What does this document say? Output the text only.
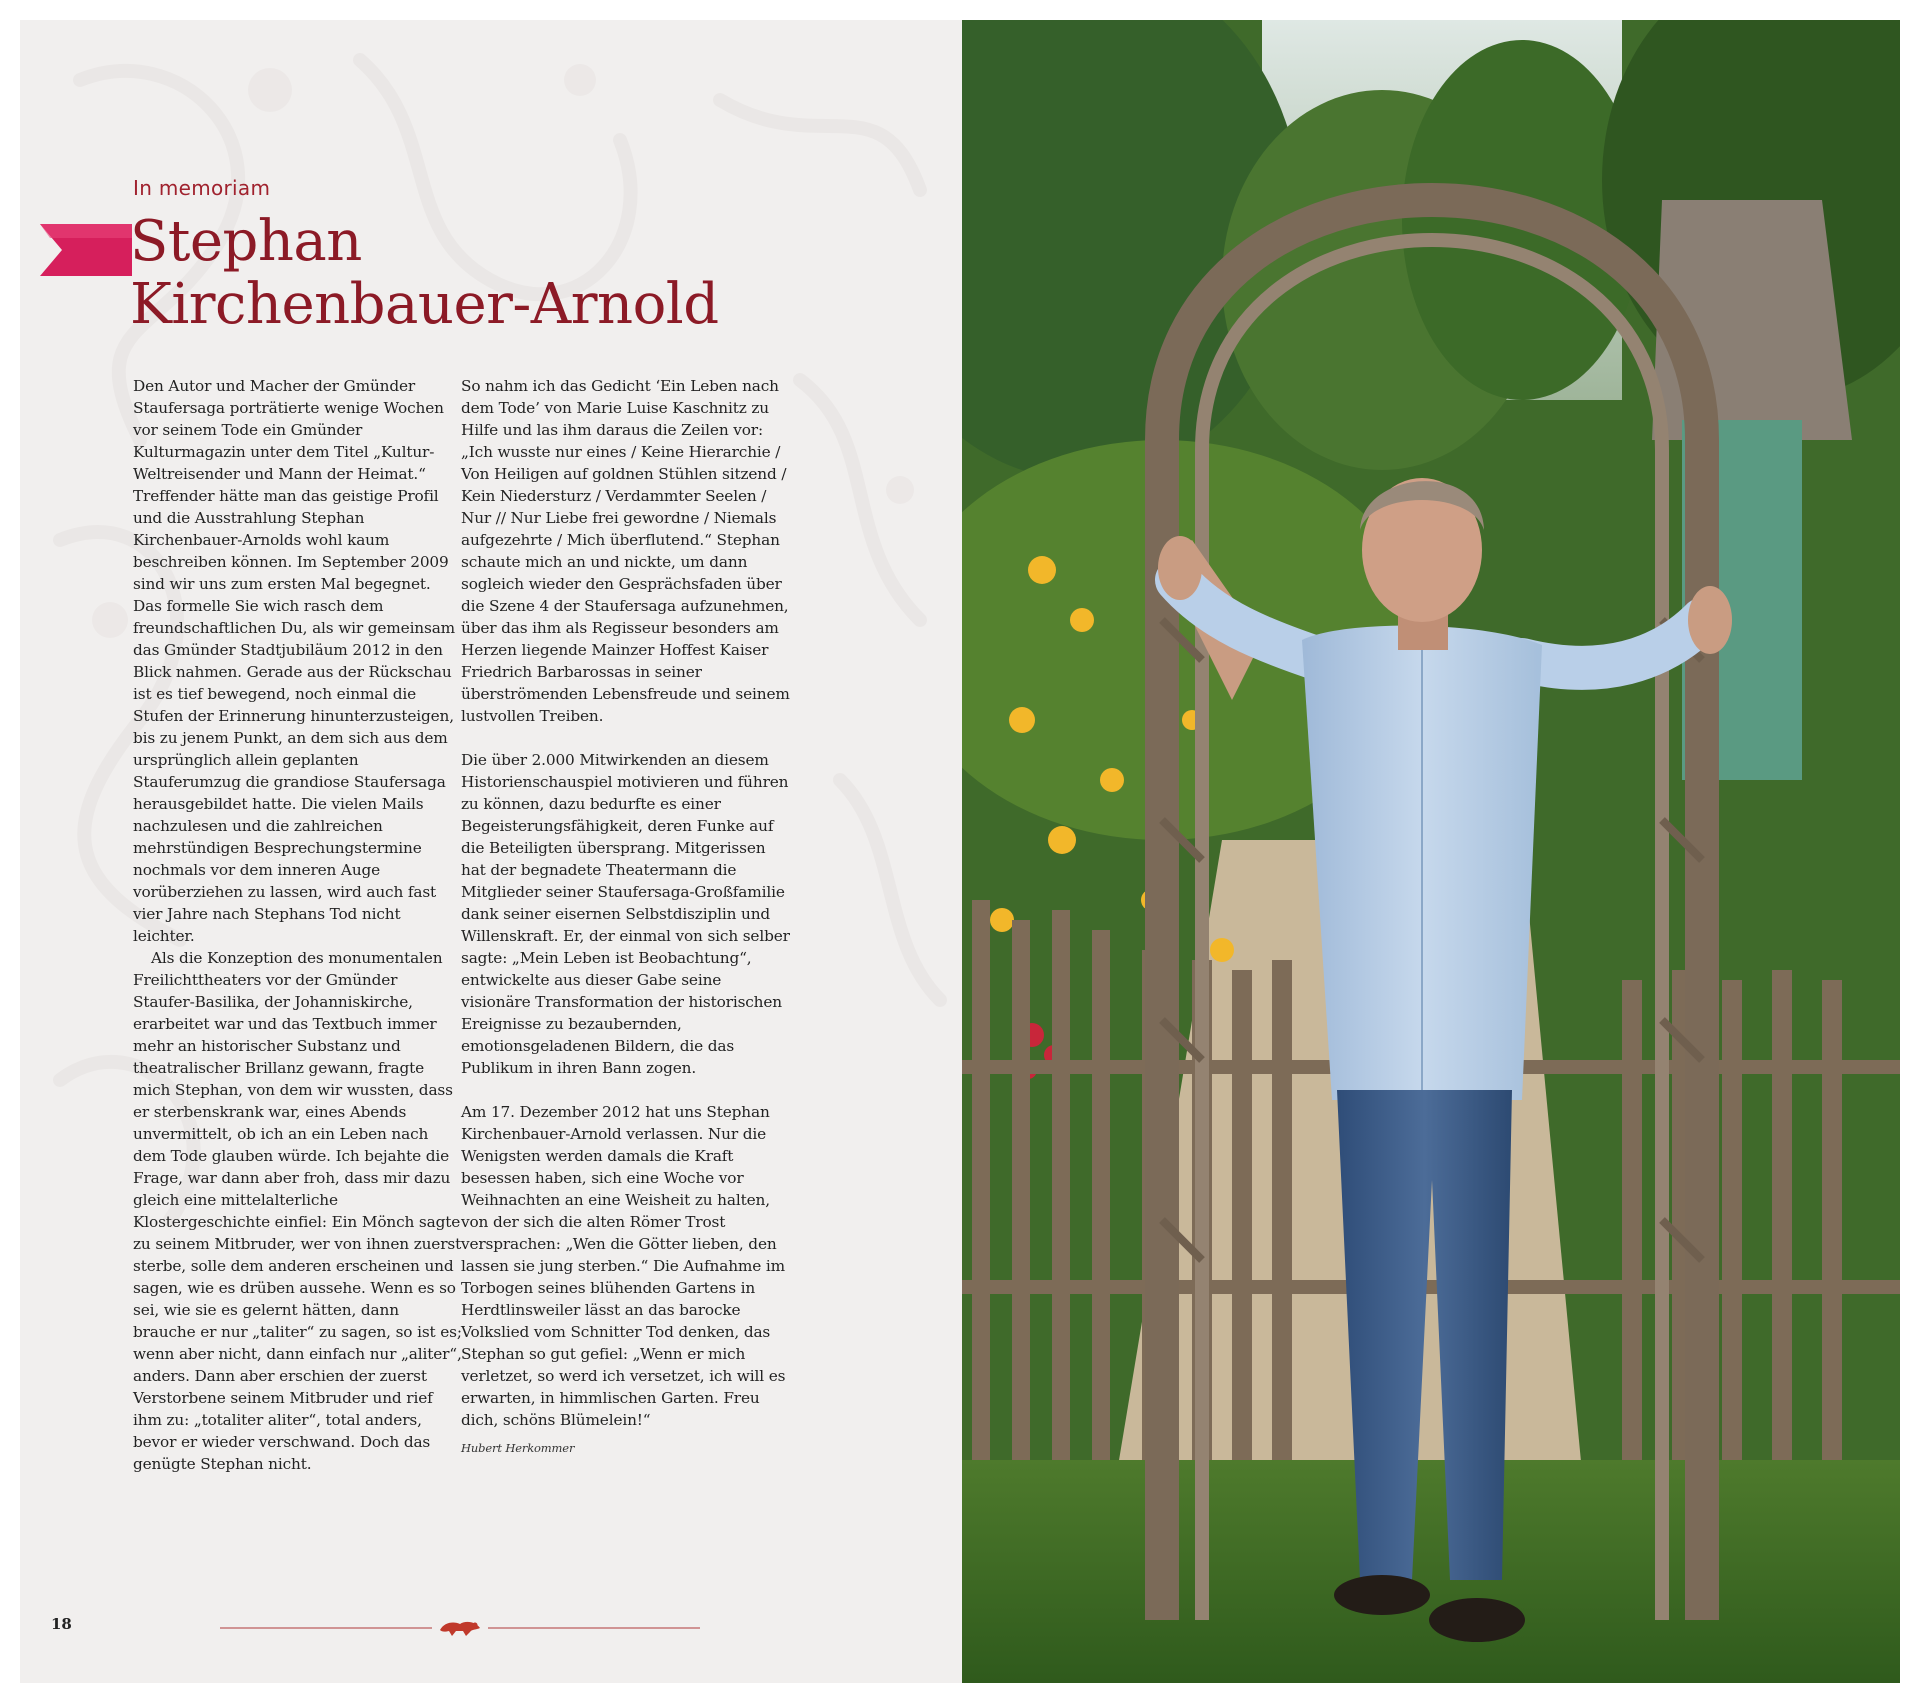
In memoriam
Stephan
Kirchenbauer-Arnold

Den Autor und Macher der Gmünder Staufersaga porträtierte wenige Wochen vor seinem Tode ein Gmünder Kulturmagazin unter dem Titel „Kultur-Weltreisender und Mann der Heimat.“ Treffender hätte man das geistige Profil und die Ausstrahlung Stephan Kirchenbauer-Arnolds wohl kaum beschreiben können. Im September 2009 sind wir uns zum ersten Mal begegnet. Das formelle Sie wich rasch dem freundschaftlichen Du, als wir gemeinsam das Gmünder Stadtjubiläum 2012 in den Blick nahmen. Gerade aus der Rückschau ist es tief bewegend, noch einmal die Stufen der Erinnerung hinunterzusteigen, bis zu jenem Punkt, an dem sich aus dem ursprünglich allein geplanten Stauferumzug die grandiose Staufersaga herausgebildet hatte. Die vielen Mails nachzulesen und die zahlreichen mehrstündigen Besprechungstermine nochmals vor dem inneren Auge vorüberziehen zu lassen, wird auch fast vier Jahre nach Stephans Tod nicht leichter.

Als die Konzeption des monumentalen Freilichttheaters vor der Gmünder Staufer-Basilika, der Johanniskirche, erarbeitet war und das Textbuch immer mehr an historischer Substanz und theatralischer Brillanz gewann, fragte mich Stephan, von dem wir wussten, dass er sterbenskrank war, eines Abends unvermittelt, ob ich an ein Leben nach dem Tode glauben würde. Ich bejahte die Frage, war dann aber froh, dass mir dazu gleich eine mittelalterliche Klostergeschichte einfiel: Ein Mönch sagte zu seinem Mitbruder, wer von ihnen zuerst sterbe, solle dem anderen erscheinen und sagen, wie es drüben aussehe. Wenn es so sei, wie sie es gelernt hätten, dann brauche er nur „taliter“ zu sagen, so ist es; wenn aber nicht, dann einfach nur „aliter“, anders. Dann aber erschien der zuerst Verstorbene seinem Mitbruder und rief ihm zu: „totaliter aliter“, total anders, bevor er wieder verschwand. Doch das genügte Stephan nicht.

So nahm ich das Gedicht ‘Ein Leben nach dem Tode’ von Marie Luise Kaschnitz zu Hilfe und las ihm daraus die Zeilen vor: „Ich wusste nur eines / Keine Hierarchie / Von Heiligen auf goldnen Stühlen sitzend / Kein Niedersturz / Verdammter Seelen / Nur // Nur Liebe frei gewordne / Niemals aufgezehrte / Mich überflutend.“ Stephan schaute mich an und nickte, um dann sogleich wieder den Gesprächsfaden über die Szene 4 der Staufersaga aufzunehmen, über das ihm als Regisseur besonders am Herzen liegende Mainzer Hoffest Kaiser Friedrich Barbarossas in seiner überströmenden Lebensfreude und seinem lustvollen Treiben.

Die über 2.000 Mitwirkenden an diesem Historienschauspiel motivieren und führen zu können, dazu bedurfte es einer Begeisterungsfähigkeit, deren Funke auf die Beteiligten übersprang. Mitgerissen hat der begnadete Theatermann die Mitglieder seiner Staufersaga-Großfamilie dank seiner eisernen Selbstdisziplin und Willenskraft. Er, der einmal von sich selber sagte: „Mein Leben ist Beobachtung“, entwickelte aus dieser Gabe seine visionäre Transformation der historischen Ereignisse zu bezaubernden, emotionsgeladenen Bildern, die das Publikum in ihren Bann zogen.

Am 17. Dezember 2012 hat uns Stephan Kirchenbauer-Arnold verlassen. Nur die Wenigsten werden damals die Kraft besessen haben, sich eine Woche vor Weihnachten an eine Weisheit zu halten, von der sich die alten Römer Trost versprachen: „Wen die Götter lieben, den lassen sie jung sterben.“ Die Aufnahme im Torbogen seines blühenden Gartens in Herdtlinsweiler lässt an das barocke Volkslied vom Schnitter Tod denken, das Stephan so gut gefiel: „Wenn er mich verletzet, so werd ich versetzet, ich will es erwarten, in himmlischen Garten. Freu dich, schöns Blümelein!“

Hubert Herkommer

18
